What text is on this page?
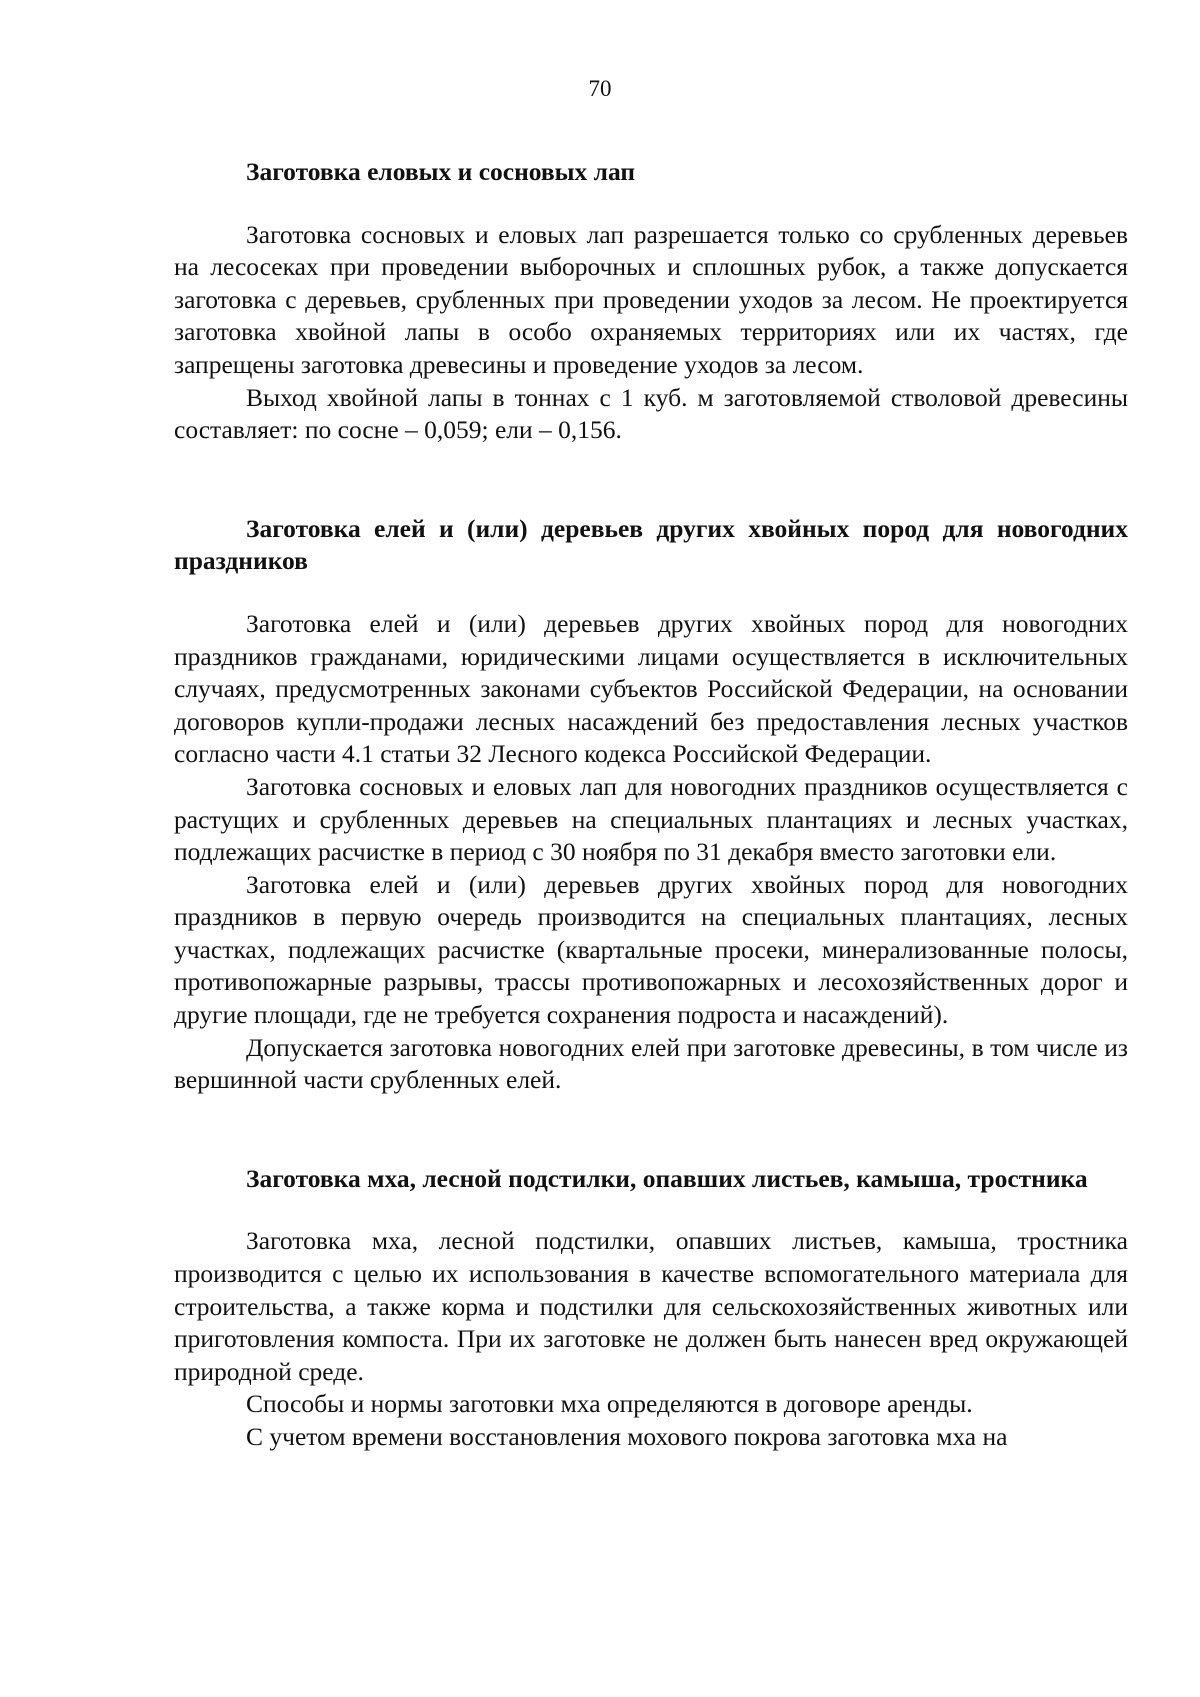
70

Заготовка еловых и сосновых лап

Заготовка сосновых и еловых лап разрешается только со срубленных деревьев на лесосеках при проведении выборочных и сплошных рубок, а также допускается заготовка с деревьев, срубленных при проведении уходов за лесом. Не проектируется заготовка хвойной лапы в особо охраняемых территориях или их частях, где запрещены заготовка древесины и проведение уходов за лесом.

Выход хвойной лапы в тоннах с 1 куб. м заготовляемой стволовой древесины составляет: по сосне – 0,059; ели – 0,156.

Заготовка елей и (или) деревьев других хвойных пород для новогодних праздников

Заготовка елей и (или) деревьев других хвойных пород для новогодних праздников гражданами, юридическими лицами осуществляется в исключительных случаях, предусмотренных законами субъектов Российской Федерации, на основании договоров купли-продажи лесных насаждений без предоставления лесных участков согласно части 4.1 статьи 32 Лесного кодекса Российской Федерации.

Заготовка сосновых и еловых лап для новогодних праздников осуществляется с растущих и срубленных деревьев на специальных плантациях и лесных участках, подлежащих расчистке в период с 30 ноября по 31 декабря вместо заготовки ели.

Заготовка елей и (или) деревьев других хвойных пород для новогодних праздников в первую очередь производится на специальных плантациях, лесных участках, подлежащих расчистке (квартальные просеки, минерализованные полосы, противопожарные разрывы, трассы противопожарных и лесохозяйственных дорог и другие площади, где не требуется сохранения подроста и насаждений).

Допускается заготовка новогодних елей при заготовке древесины, в том числе из вершинной части срубленных елей.

Заготовка мха, лесной подстилки, опавших листьев, камыша, тростника

Заготовка мха, лесной подстилки, опавших листьев, камыша, тростника производится с целью их использования в качестве вспомогательного материала для строительства, а также корма и подстилки для сельскохозяйственных животных или приготовления компоста. При их заготовке не должен быть нанесен вред окружающей природной среде.

Способы и нормы заготовки мха определяются в договоре аренды.

С учетом времени восстановления мохового покрова заготовка мха на
